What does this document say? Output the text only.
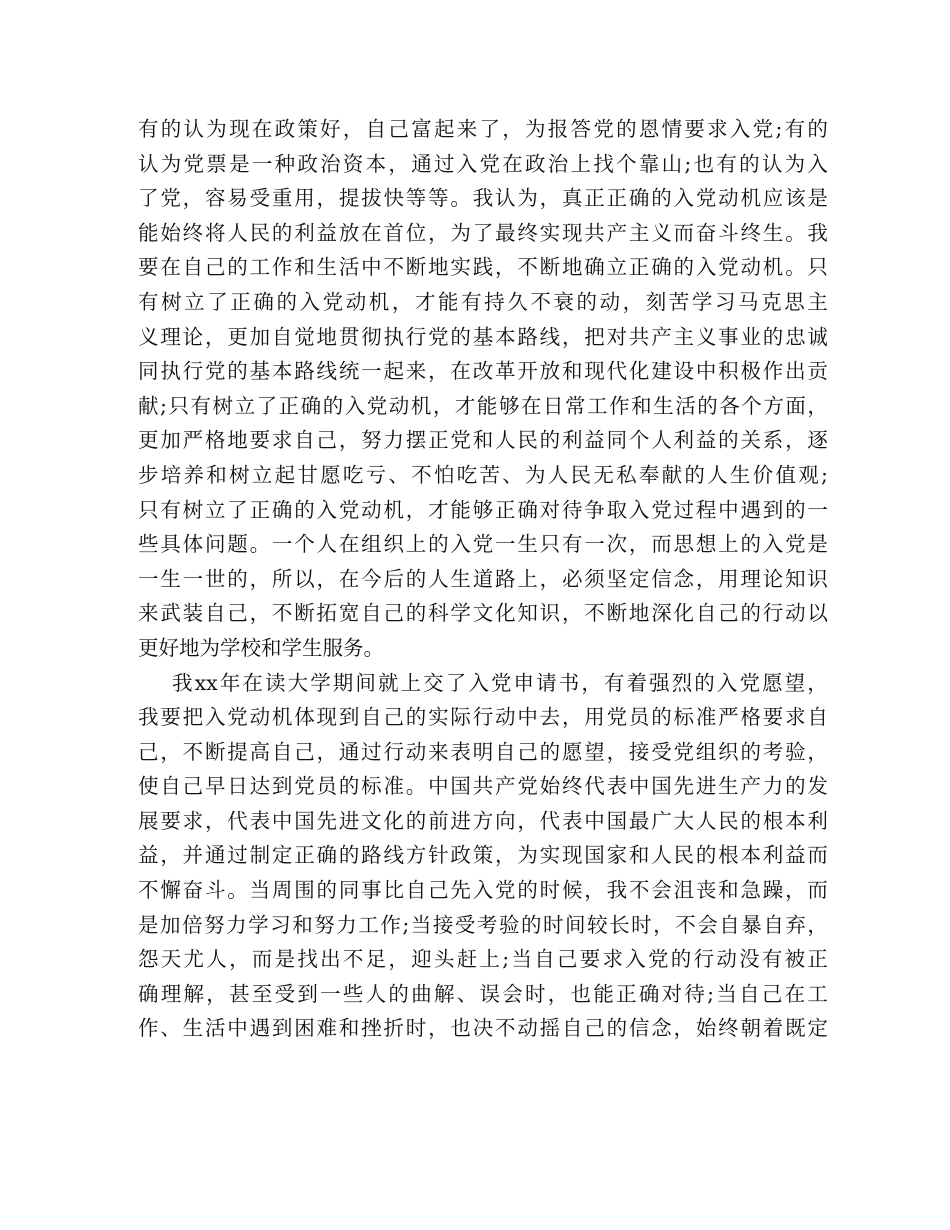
有 的 认 为 现 在 政 策 好 ， 自 己 富 起 来 了 ， 为 报 答 党 的 恩 情 要 求 入 党 ; 有 的
认 为 党 票 是 一 种 政 治 资 本 ， 通 过 入 党 在 政 治 上 找 个 靠 山 ; 也 有 的 认 为 入
了 党 ， 容 易 受 重 用 ， 提 拔 快 等 等 。 我 认 为 ， 真 正 正 确 的 入 党 动 机 应 该 是
能 始 终 将 人 民 的 利 益 放 在 首 位 ， 为 了 最 终 实 现 共 产 主 义 而 奋 斗 终 生 。 我
要 在 自 己 的 工 作 和 生 活 中 不 断 地 实 践 ， 不 断 地 确 立 正 确 的 入 党 动 机 。 只
有 树 立 了 正 确 的 入 党 动 机 ， 才 能 有 持 久 不 衰 的 动 ， 刻 苦 学 习 马 克 思 主
义 理 论 ， 更 加 自 觉 地 贯 彻 执 行 党 的 基 本 路 线 ， 把 对 共 产 主 义 事 业 的 忠 诚
同 执 行 党 的 基 本 路 线 统 一 起 来 ， 在 改 革 开 放 和 现 代 化 建 设 中 积 极 作 出 贡
献 ; 只 有 树 立 了 正 确 的 入 党 动 机 ， 才 能 够 在 日 常 工 作 和 生 活 的 各 个 方 面 ，
更 加 严 格 地 要 求 自 己 ， 努 力 摆 正 党 和 人 民 的 利 益 同 个 人 利 益 的 关 系 ， 逐
步 培 养 和 树 立 起 甘 愿 吃 亏 、 不 怕 吃 苦 、 为 人 民 无 私 奉 献 的 人 生 价 值 观 ;
只 有 树 立 了 正 确 的 入 党 动 机 ， 才 能 够 正 确 对 待 争 取 入 党 过 程 中 遇 到 的 一
些 具 体 问 题 。 一 个 人 在 组 织 上 的 入 党 一 生 只 有 一 次 ， 而 思 想 上 的 入 党 是
一 生 一 世 的 ， 所 以 ， 在 今 后 的 人 生 道 路 上 ， 必 须 坚 定 信 念 ， 用 理 论 知 识
来 武 装 自 己 ， 不 断 拓 宽 自 己 的 科 学 文 化 知 识 ， 不 断 地 深 化 自 己 的 行 动 以
更好地为学校和学生服务。
我 xx 年 在 读 大 学 期 间 就 上 交 了 入 党 申 请 书 ， 有 着 强 烈 的 入 党 愿 望 ，
我 要 把 入 党 动 机 体 现 到 自 己 的 实 际 行 动 中 去 ， 用 党 员 的 标 准 严 格 要 求 自
己 ， 不 断 提 高 自 己 ， 通 过 行 动 来 表 明 自 己 的 愿 望 ， 接 受 党 组 织 的 考 验 ，
使 自 己 早 日 达 到 党 员 的 标 准 。 中 国 共 产 党 始 终 代 表 中 国 先 进 生 产 力 的 发
展 要 求 ， 代 表 中 国 先 进 文 化 的 前 进 方 向 ， 代 表 中 国 最 广 大 人 民 的 根 本 利
益 ， 并 通 过 制 定 正 确 的 路 线 方 针 政 策 ， 为 实 现 国 家 和 人 民 的 根 本 利 益 而
不 懈 奋 斗 。 当 周 围 的 同 事 比 自 己 先 入 党 的 时 候 ， 我 不 会 沮 丧 和 急 躁 ， 而
是 加 倍 努 力 学 习 和 努 力 工 作 ; 当 接 受 考 验 的 时 间 较 长 时 ， 不 会 自 暴 自 弃 ，
怨 天 尤 人 ， 而 是 找 出 不 足 ， 迎 头 赶 上 ; 当 自 己 要 求 入 党 的 行 动 没 有 被 正
确 理 解 ， 甚 至 受 到 一 些 人 的 曲 解 、 误 会 时 ， 也 能 正 确 对 待 ; 当 自 己 在 工
作 、 生 活 中 遇 到 困 难 和 挫 折 时 ， 也 决 不 动 摇 自 己 的 信 念 ， 始 终 朝 着 既 定
